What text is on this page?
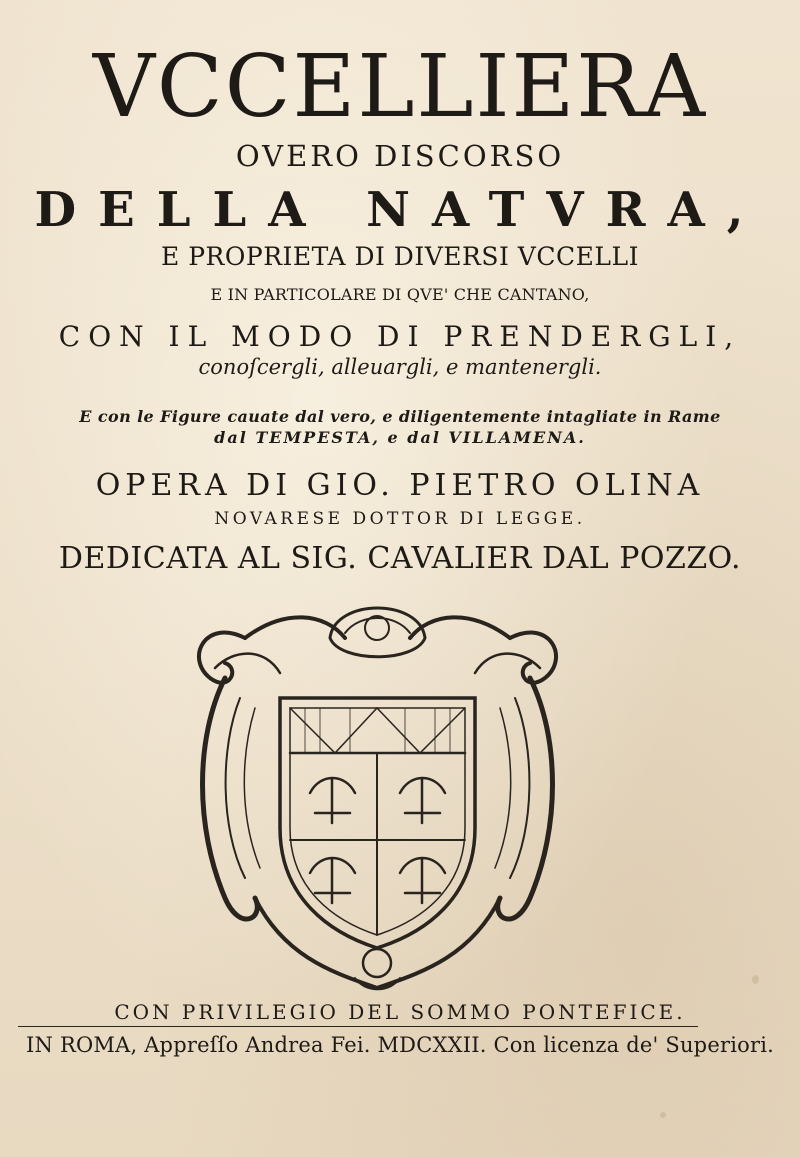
VCCELLIERA

OVERO DISCORSO

DELLA NATVRA,

E PROPRIETA DI DIVERSI VCCELLI

E IN PARTICOLARE DI QVE' CHE CANTANO,

CON IL MODO DI PRENDERGLI,

conoſcergli, alleuargli, e mantenergli.

E con le Figure cauate dal vero, e diligentemente intagliate in Rame

dal TEMPESTA, e dal VILLAMENA.

OPERA DI GIO. PIETRO OLINA

NOVARESE DOTTOR DI LEGGE.

DEDICATA AL SIG. CAVALIER DAL POZZO.

CON PRIVILEGIO DEL SOMMO PONTEFICE.

IN ROMA, Appreſſo Andrea Fei. MDCXXII. Con licenza de' Superiori.
